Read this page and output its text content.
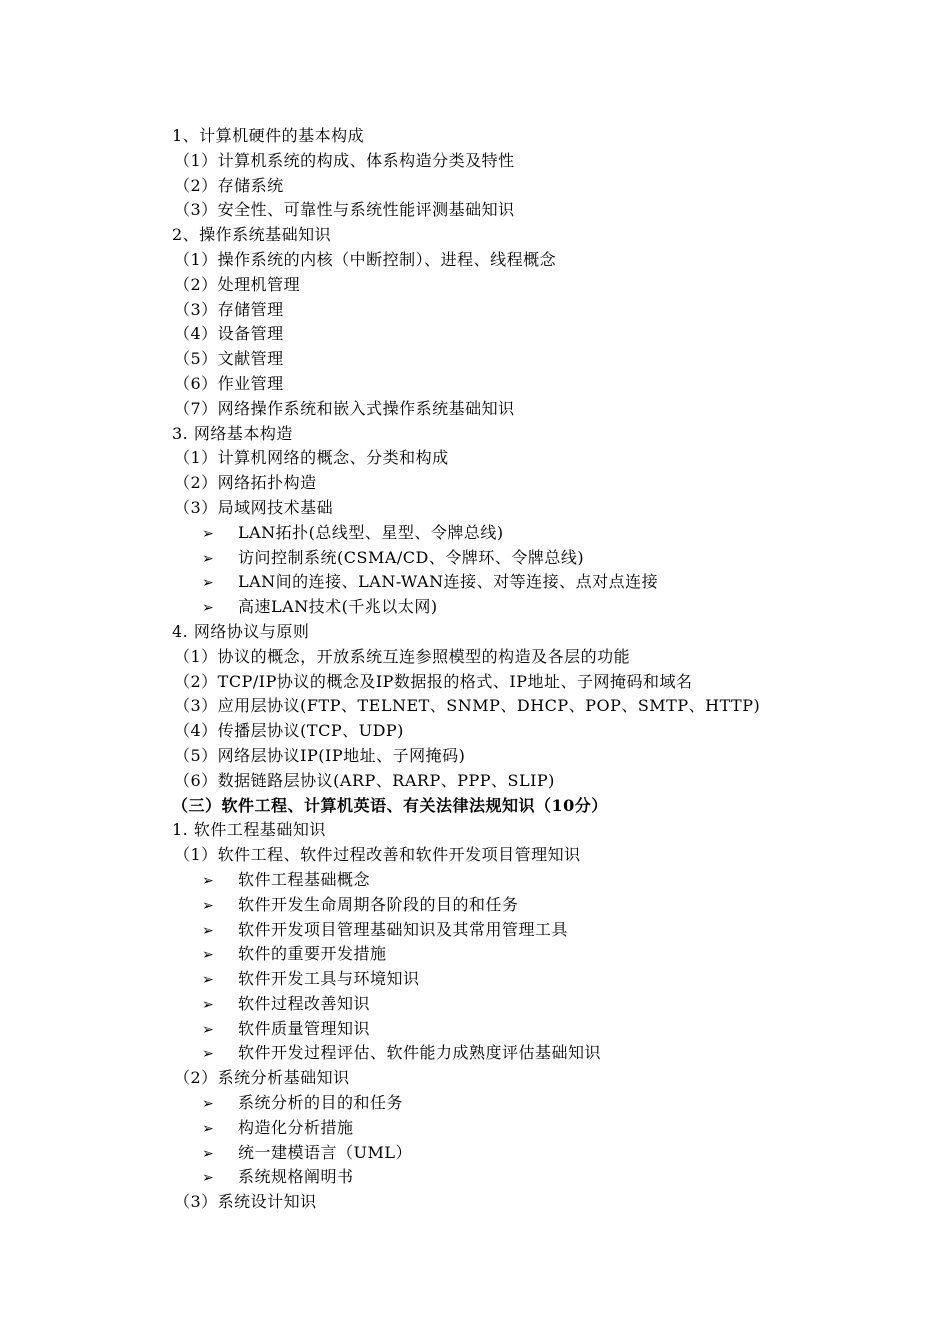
1、计算机硬件的基本构成
（1）计算机系统的构成、体系构造分类及特性
（2）存储系统
（3）安全性、可靠性与系统性能评测基础知识
2、操作系统基础知识
（1）操作系统的内核（中断控制）、进程、线程概念
（2）处理机管理
（3）存储管理
（4）设备管理
（5）文献管理
（6）作业管理
（7）网络操作系统和嵌入式操作系统基础知识
3. 网络基本构造
（1）计算机网络的概念、分类和构成
（2）网络拓扑构造
（3）局域网技术基础
➢ LAN拓扑(总线型、星型、令牌总线)
➢ 访问控制系统(CSMA/CD、令牌环、令牌总线)
➢ LAN间的连接、LAN-WAN连接、对等连接、点对点连接
➢ 高速LAN技术(千兆以太网)
4. 网络协议与原则
（1）协议的概念，开放系统互连参照模型的构造及各层的功能
（2）TCP/IP协议的概念及IP数据报的格式、IP地址、子网掩码和域名
（3）应用层协议(FTP、TELNET、SNMP、DHCP、POP、SMTP、HTTP)
（4）传播层协议(TCP、UDP)
（5）网络层协议IP(IP地址、子网掩码)
（6）数据链路层协议(ARP、RARP、PPP、SLIP)
（三）软件工程、计算机英语、有关法律法规知识（10分）
1. 软件工程基础知识
（1）软件工程、软件过程改善和软件开发项目管理知识
➢ 软件工程基础概念
➢ 软件开发生命周期各阶段的目的和任务
➢ 软件开发项目管理基础知识及其常用管理工具
➢ 软件的重要开发措施
➢ 软件开发工具与环境知识
➢ 软件过程改善知识
➢ 软件质量管理知识
➢ 软件开发过程评估、软件能力成熟度评估基础知识
（2）系统分析基础知识
➢ 系统分析的目的和任务
➢ 构造化分析措施
➢ 统一建模语言（UML）
➢ 系统规格阐明书
（3）系统设计知识
